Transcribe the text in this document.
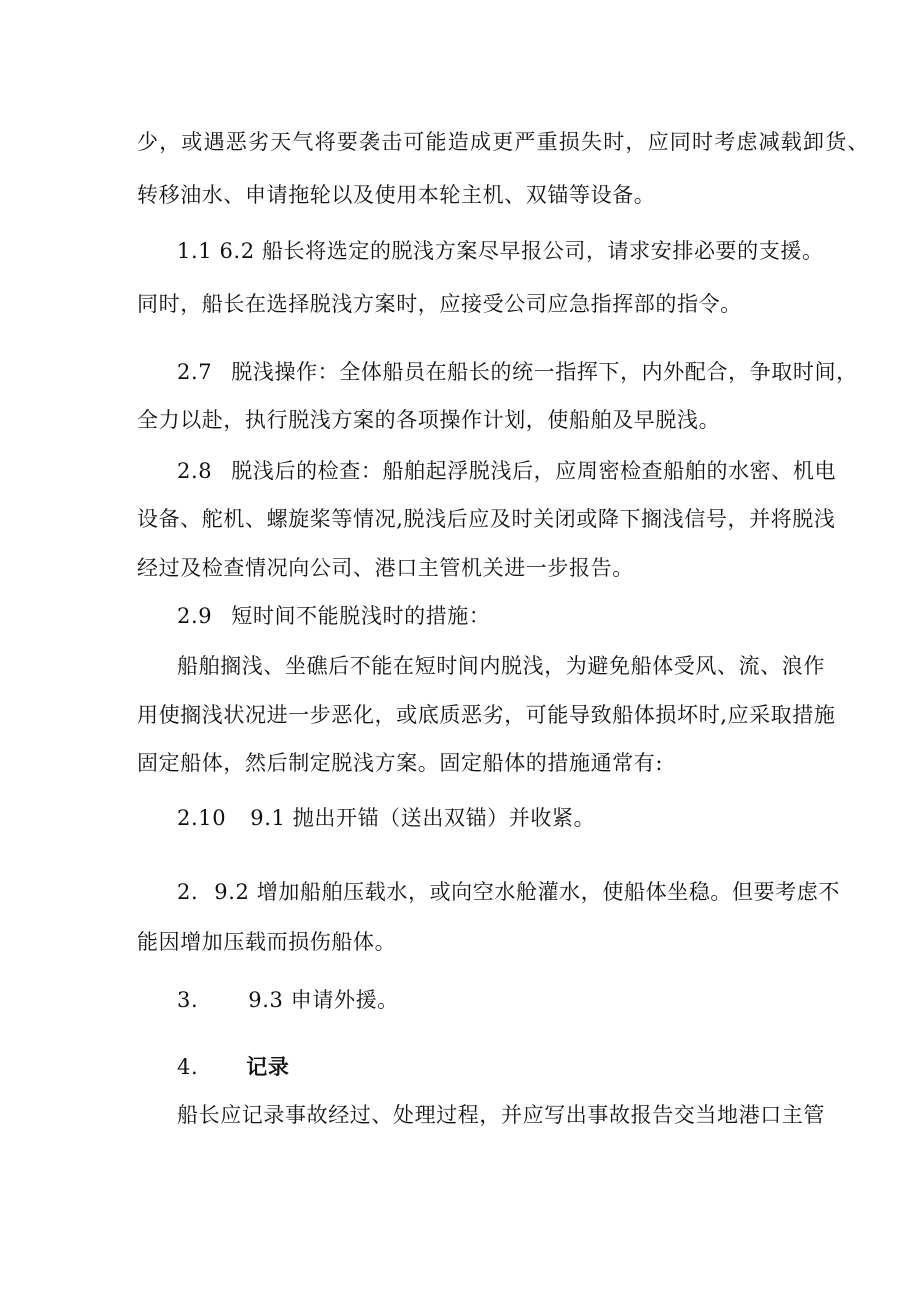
少，或遇恶劣天气将要袭击可能造成更严重损失时，应同时考虑减载卸货、
转移油水、申请拖轮以及使用本轮主机、双锚等设备。
1.1 6.2 船长将选定的脱浅方案尽早报公司，请求安排必要的支援。
同时，船长在选择脱浅方案时，应接受公司应急指挥部的指令。
2.7 脱浅操作：全体船员在船长的统一指挥下，内外配合，争取时间，
全力以赴，执行脱浅方案的各项操作计划，使船舶及早脱浅。
2.8 脱浅后的检查：船舶起浮脱浅后，应周密检查船舶的水密、机电
设备、舵机、螺旋桨等情况,脱浅后应及时关闭或降下搁浅信号，并将脱浅
经过及检查情况向公司、港口主管机关进一步报告。
2.9 短时间不能脱浅时的措施：
船舶搁浅、坐礁后不能在短时间内脱浅，为避免船体受风、流、浪作
用使搁浅状况进一步恶化，或底质恶劣，可能导致船体损坏时,应采取措施
固定船体，然后制定脱浅方案。固定船体的措施通常有:
2.10 9.1 抛出开锚（送出双锚）并收紧。
2. 9.2 增加船舶压载水，或向空水舱灌水，使船体坐稳。但要考虑不
能因增加压载而损伤船体。
3. 9.3 申请外援。
4. 记录
船长应记录事故经过、处理过程，并应写出事故报告交当地港口主管
